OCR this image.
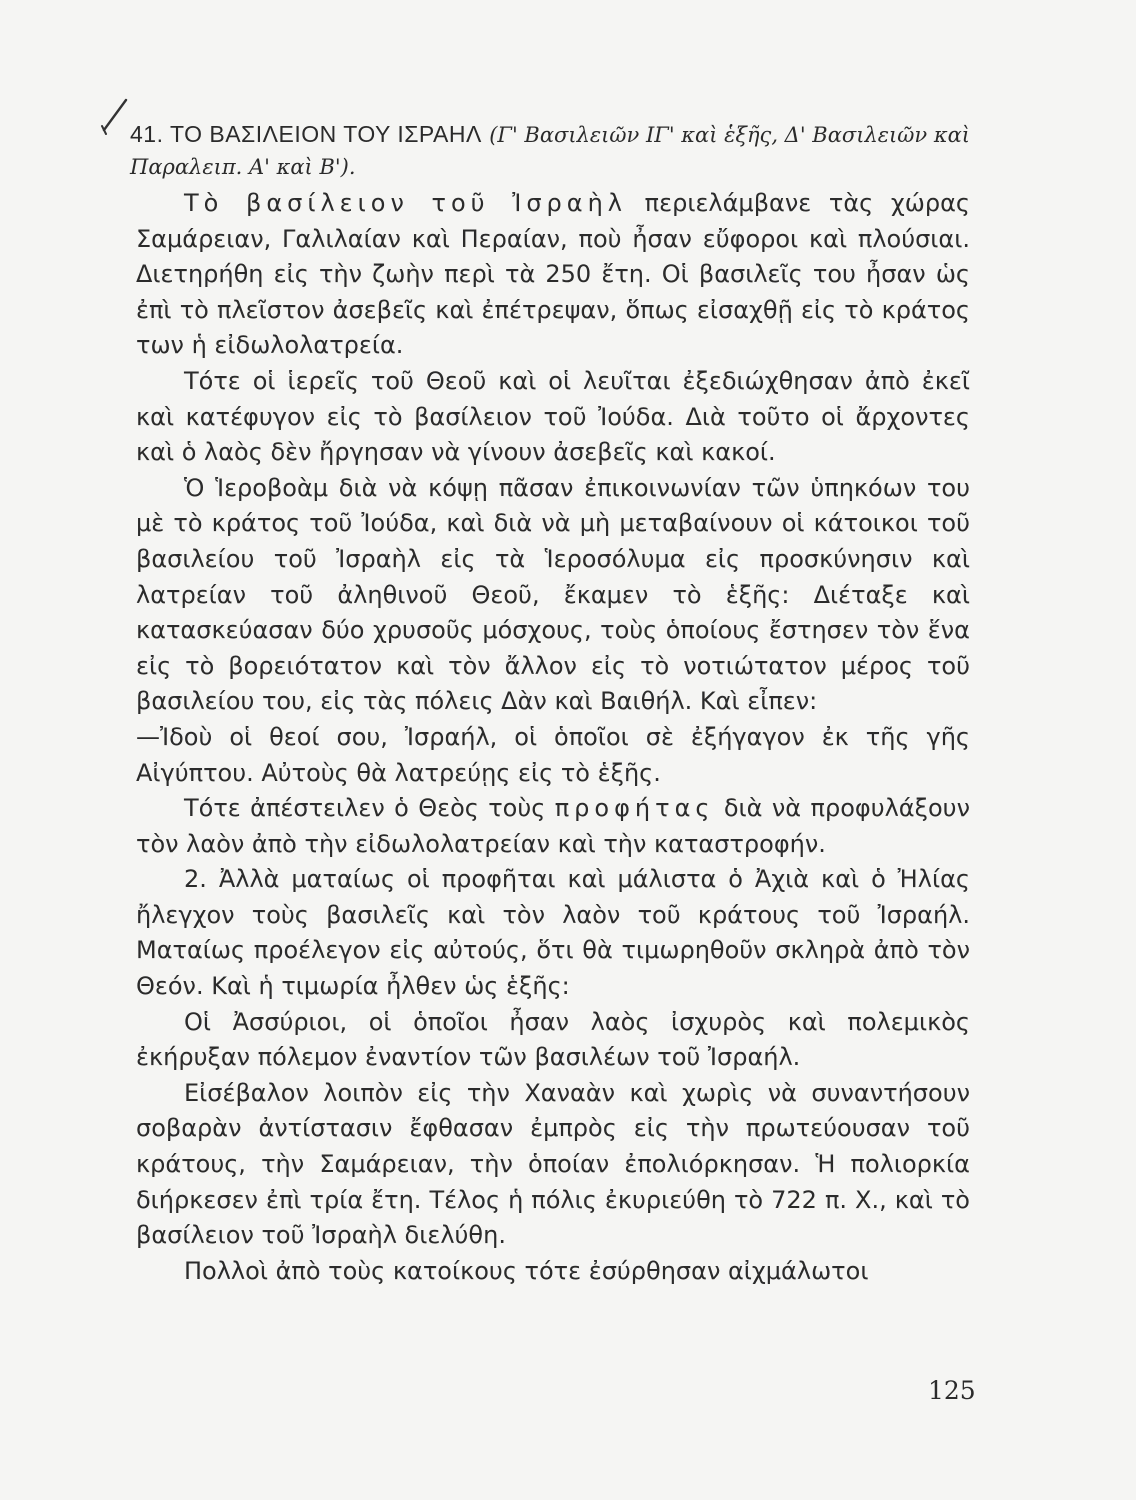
41. ΤΟ ΒΑΣΙΛΕΙΟΝ ΤΟΥ ΙΣΡΑΗΛ (Γ' Βασιλειῶν ΙΓ' καὶ ἑξῆς, Δ' Βασιλειῶν καὶ Παραλειπ. Α' καὶ Β').

Τὸ βασίλειον τοῦ Ἰσραὴλ περιελάμβανε τὰς χώρας Σαμάρειαν, Γαλιλαίαν καὶ Περαίαν, ποὺ ἦσαν εὔφοροι καὶ πλούσιαι. Διετηρήθη εἰς τὴν ζωὴν περὶ τὰ 250 ἔτη. Οἱ βασιλεῖς του ἦσαν ὡς ἐπὶ τὸ πλεῖστον ἀσεβεῖς καὶ ἐπέτρεψαν, ὅπως εἰσαχθῇ εἰς τὸ κράτος των ἡ εἰδωλολατρεία.

Τότε οἱ ἱερεῖς τοῦ Θεοῦ καὶ οἱ λευῖται ἐξεδιώχθησαν ἀπὸ ἐκεῖ καὶ κατέφυγον εἰς τὸ βασίλειον τοῦ Ἰούδα. Διὰ τοῦτο οἱ ἄρχοντες καὶ ὁ λαὸς δὲν ἤργησαν νὰ γίνουν ἀσεβεῖς καὶ κακοί.

Ὁ Ἱεροβοὰμ διὰ νὰ κόψῃ πᾶσαν ἐπικοινωνίαν τῶν ὑπηκόων του μὲ τὸ κράτος τοῦ Ἰούδα, καὶ διὰ νὰ μὴ μεταβαίνουν οἱ κάτοικοι τοῦ βασιλείου τοῦ Ἰσραὴλ εἰς τὰ Ἱεροσόλυμα εἰς προσκύνησιν καὶ λατρείαν τοῦ ἀληθινοῦ Θεοῦ, ἔκαμεν τὸ ἑξῆς: Διέταξε καὶ κατασκεύασαν δύο χρυσοῦς μόσχους, τοὺς ὁποίους ἔστησεν τὸν ἕνα εἰς τὸ βορειότατον καὶ τὸν ἄλλον εἰς τὸ νοτιώτατον μέρος τοῦ βασιλείου του, εἰς τὰς πόλεις Δὰν καὶ Βαιθήλ. Καὶ εἶπεν:

—Ἰδοὺ οἱ θεοί σου, Ἰσραήλ, οἱ ὁποῖοι σὲ ἐξήγαγον ἐκ τῆς γῆς Αἰγύπτου. Αὐτοὺς θὰ λατρεύῃς εἰς τὸ ἑξῆς.

Τότε ἀπέστειλεν ὁ Θεὸς τοὺς προφήτας διὰ νὰ προφυλάξουν τὸν λαὸν ἀπὸ τὴν εἰδωλολατρείαν καὶ τὴν καταστροφήν.

2. Ἀλλὰ ματαίως οἱ προφῆται καὶ μάλιστα ὁ Ἀχιὰ καὶ ὁ Ἠλίας ἤλεγχον τοὺς βασιλεῖς καὶ τὸν λαὸν τοῦ κράτους τοῦ Ἰσραήλ. Ματαίως προέλεγον εἰς αὐτούς, ὅτι θὰ τιμωρηθοῦν σκληρὰ ἀπὸ τὸν Θεόν. Καὶ ἡ τιμωρία ἦλθεν ὡς ἑξῆς:

Οἱ Ἀσσύριοι, οἱ ὁποῖοι ἦσαν λαὸς ἰσχυρὸς καὶ πολεμικὸς ἐκήρυξαν πόλεμον ἐναντίον τῶν βασιλέων τοῦ Ἰσραήλ.

Εἰσέβαλον λοιπὸν εἰς τὴν Χαναὰν καὶ χωρὶς νὰ συναντήσουν σοβαρὰν ἀντίστασιν ἔφθασαν ἐμπρὸς εἰς τὴν πρωτεύουσαν τοῦ κράτους, τὴν Σαμάρειαν, τὴν ὁποίαν ἐπολιόρκησαν. Ἡ πολιορκία διήρκεσεν ἐπὶ τρία ἔτη. Τέλος ἡ πόλις ἐκυριεύθη τὸ 722 π. Χ., καὶ τὸ βασίλειον τοῦ Ἰσραὴλ διελύθη.

Πολλοὶ ἀπὸ τοὺς κατοίκους τότε ἐσύρθησαν αἰχμάλωτοι

125
